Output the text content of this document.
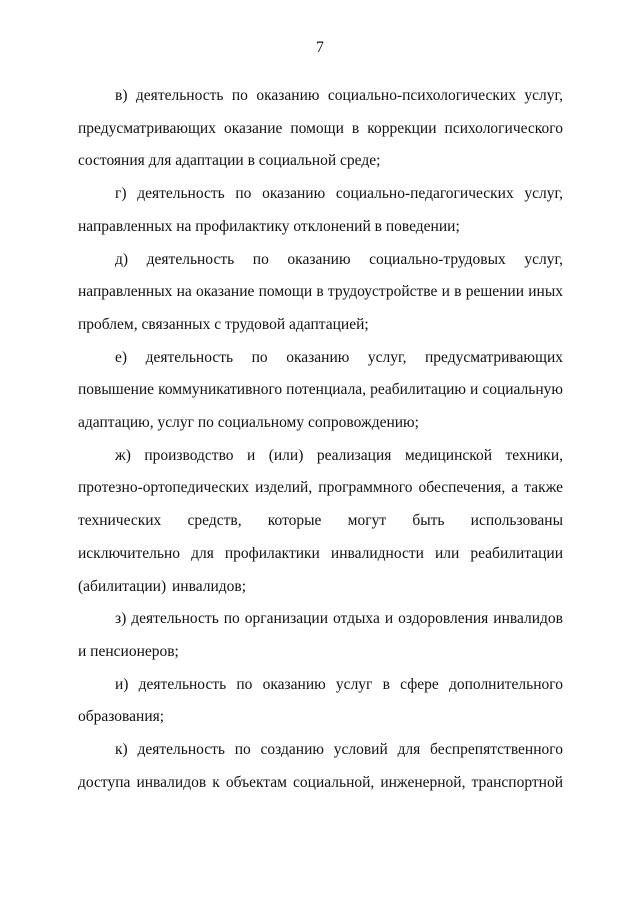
7

в) деятельность по оказанию социально-психологических услуг, предусматривающих оказание помощи в коррекции психологического состояния для адаптации в социальной среде;

г) деятельность по оказанию социально-педагогических услуг, направленных на профилактику отклонений в поведении;

д) деятельность по оказанию социально-трудовых услуг, направленных на оказание помощи в трудоустройстве и в решении иных проблем, связанных с трудовой адаптацией;

е) деятельность по оказанию услуг, предусматривающих повышение коммуникативного потенциала, реабилитацию и социальную адаптацию, услуг по социальному сопровождению;

ж) производство и (или) реализация медицинской техники, протезно-ортопедических изделий, программного обеспечения, а также технических средств, которые могут быть использованы исключительно для профилактики инвалидности или реабилитации (абилитации) инвалидов;

з) деятельность по организации отдыха и оздоровления инвалидов и пенсионеров;

и) деятельность по оказанию услуг в сфере дополнительного образования;

к) деятельность по созданию условий для беспрепятственного доступа инвалидов к объектам социальной, инженерной, транспортной
